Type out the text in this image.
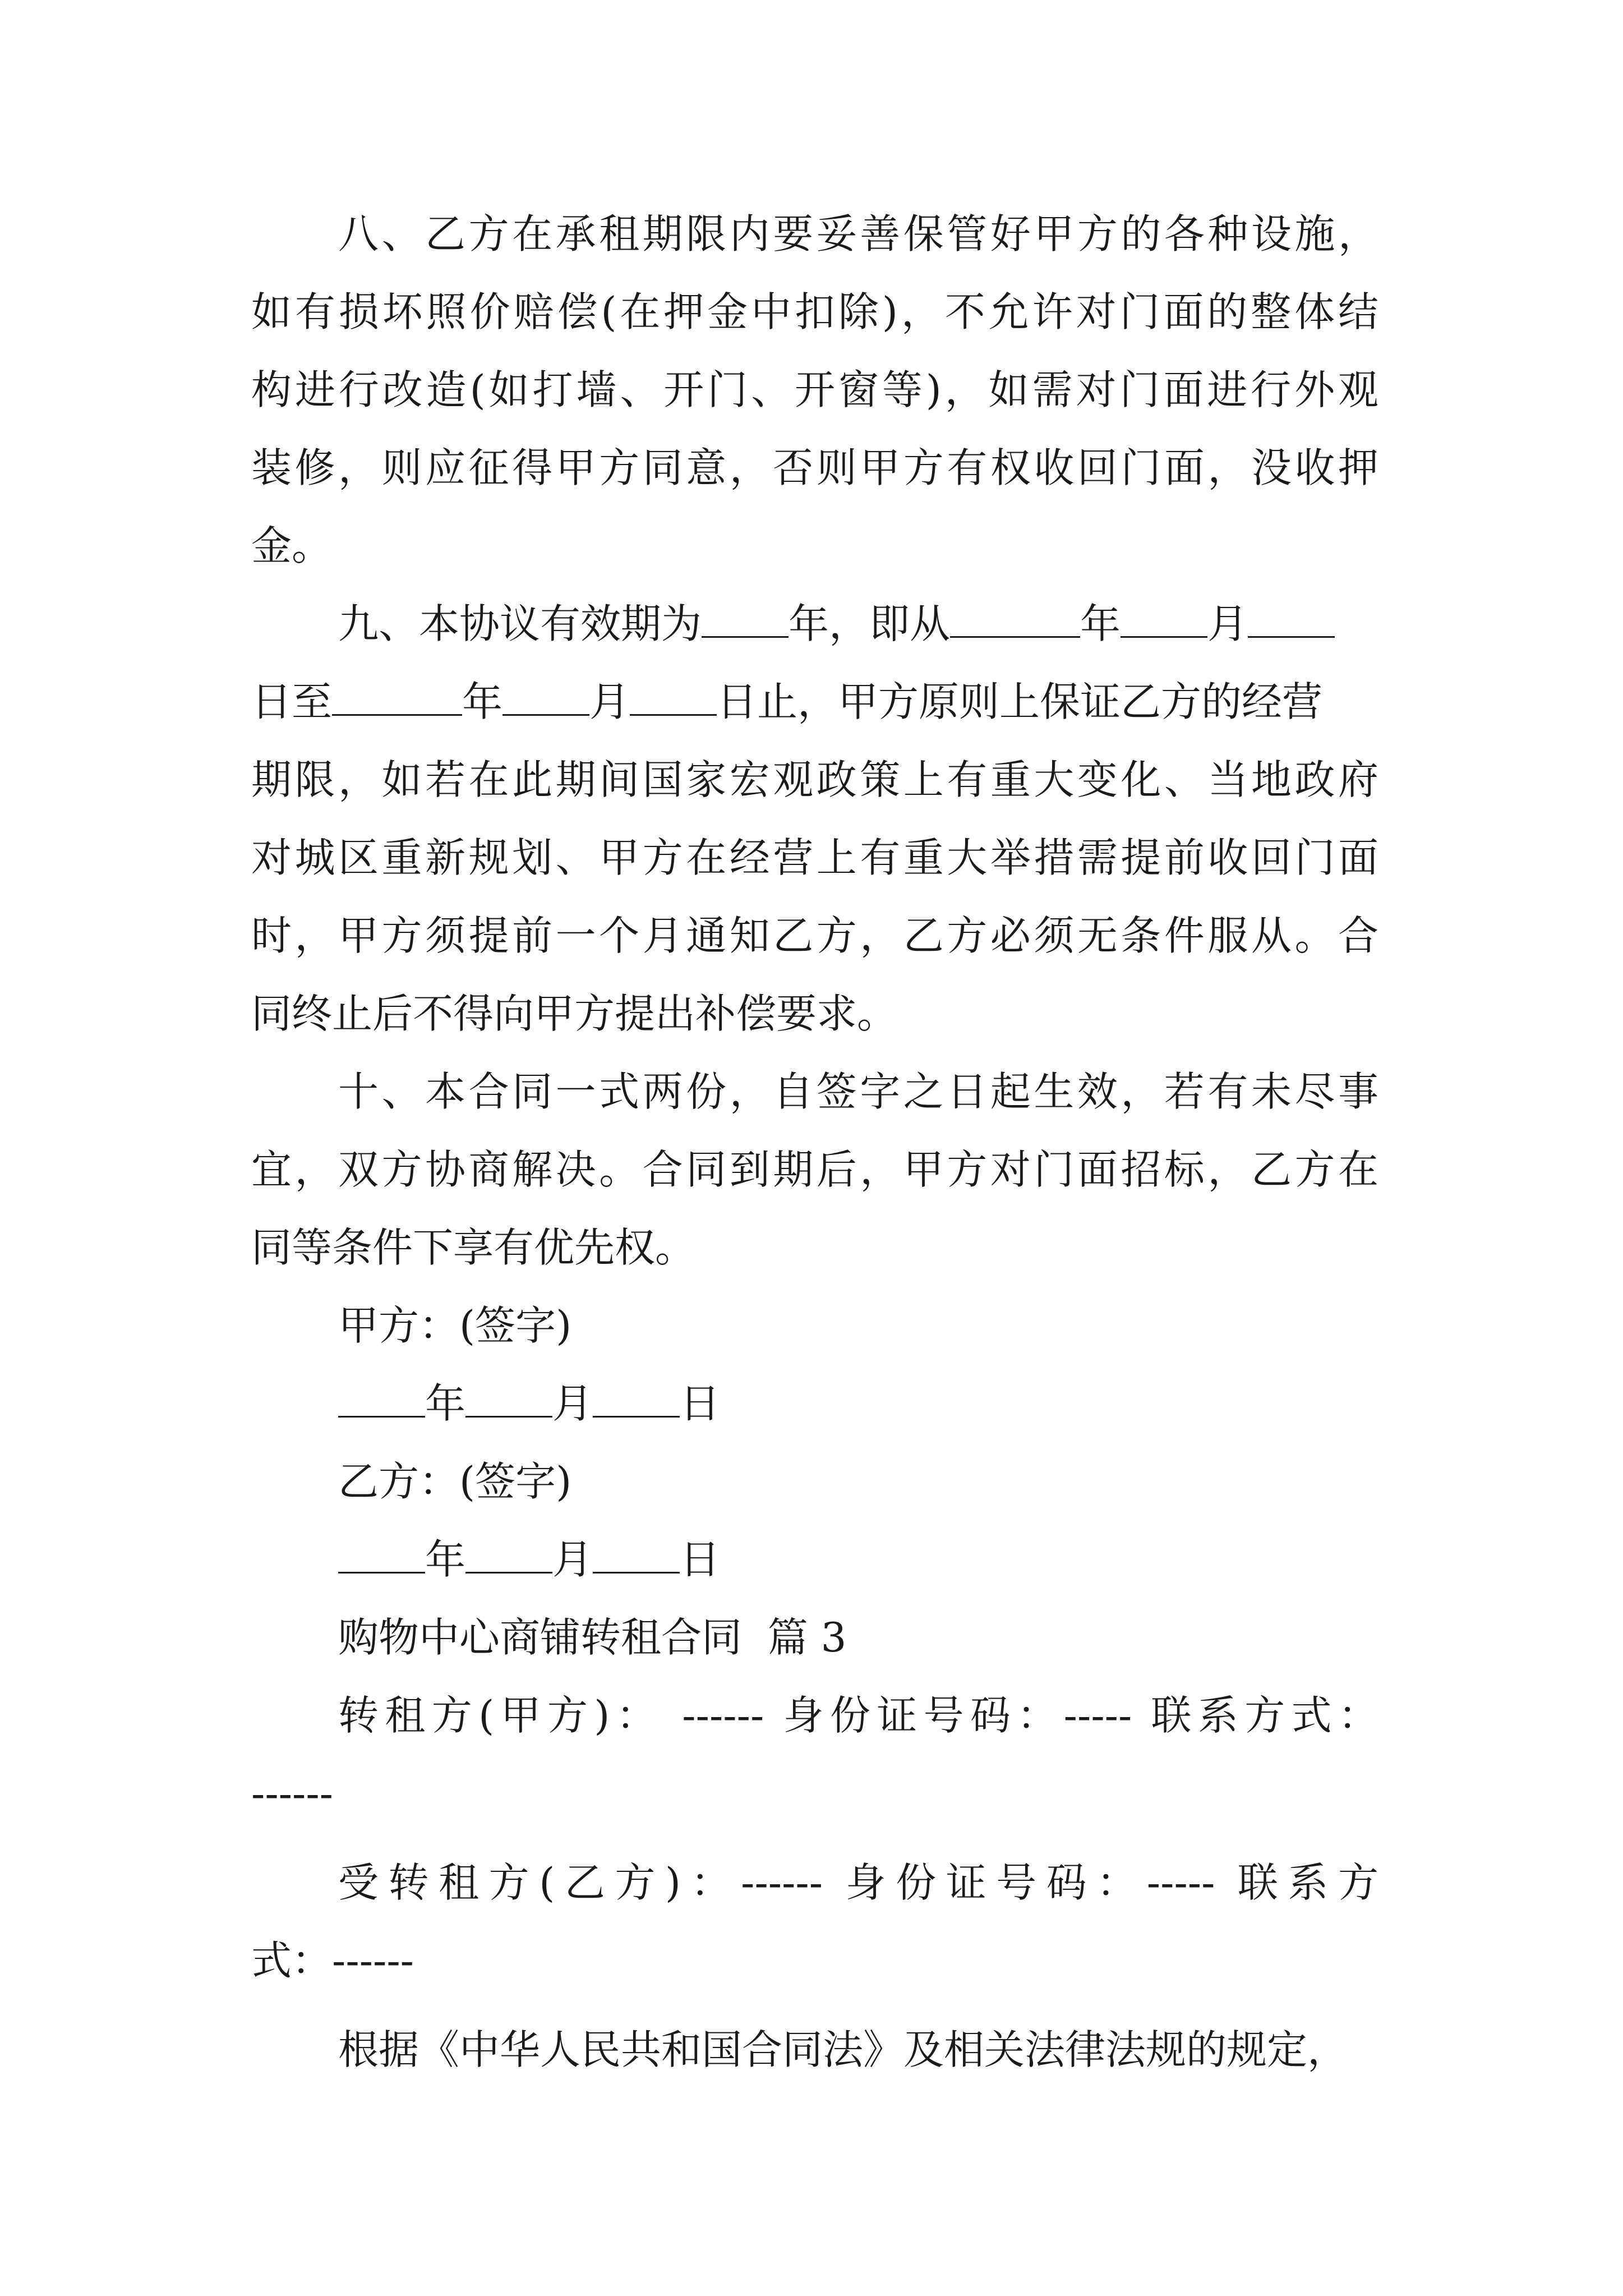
八、乙方在承租期限内要妥善保管好甲方的各种设施，
如有损坏照价赔偿(在押金中扣除)，不允许对门面的整体结
构进行改造(如打墙、开门、开窗等)，如需对门面进行外观
装修，则应征得甲方同意，否则甲方有权收回门面，没收押
金。
九、本协议有效期为 年，即从	年 月
日至	年 月 日止，甲方原则上保证乙方的经营
期限，如若在此期间国家宏观政策上有重大变化、当地政府
对城区重新规划、甲方在经营上有重大举措需提前收回门面
时，甲方须提前一个月通知乙方，乙方必须无条件服从。合
同终止后不得向甲方提出补偿要求。
十、本合同一式两份，自签字之日起生效，若有未尽事
宜，双方协商解决。合同到期后，甲方对门面招标，乙方在
同等条件下享有优先权。
甲方：(签字)
年 月 日
乙方：(签字)
年 月 日
购物中心商铺转租合同  篇 3
转租方(甲方)： ------ 身份证号码：----- 联系方式：
------
受转租方(乙方)：------ 身份证号码：----- 联系方
式：------
根据《中华人民共和国合同法》及相关法律法规的规定，
